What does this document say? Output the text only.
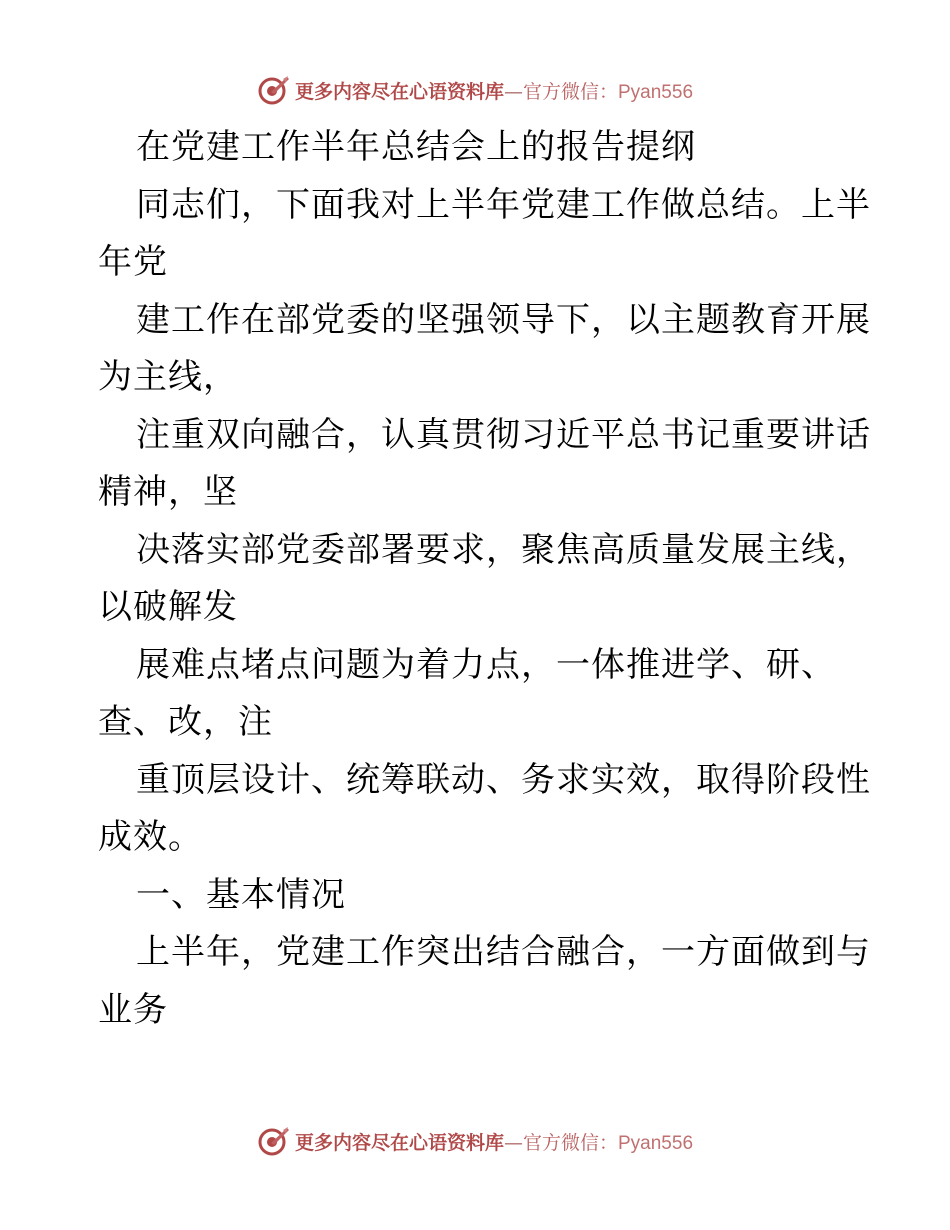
更多内容尽在心语资料库—官方微信：Pyan556
在党建工作半年总结会上的报告提纲
同志们，下面我对上半年党建工作做总结。上半
年党
建工作在部党委的坚强领导下，以主题教育开展
为主线，
注重双向融合，认真贯彻习近平总书记重要讲话
精神，坚
决落实部党委部署要求，聚焦高质量发展主线，
以破解发
展难点堵点问题为着力点，一体推进学、研、
查、改，注
重顶层设计、统筹联动、务求实效，取得阶段性
成效。
一、基本情况
上半年，党建工作突出结合融合，一方面做到与
业务
更多内容尽在心语资料库—官方微信：Pyan556
